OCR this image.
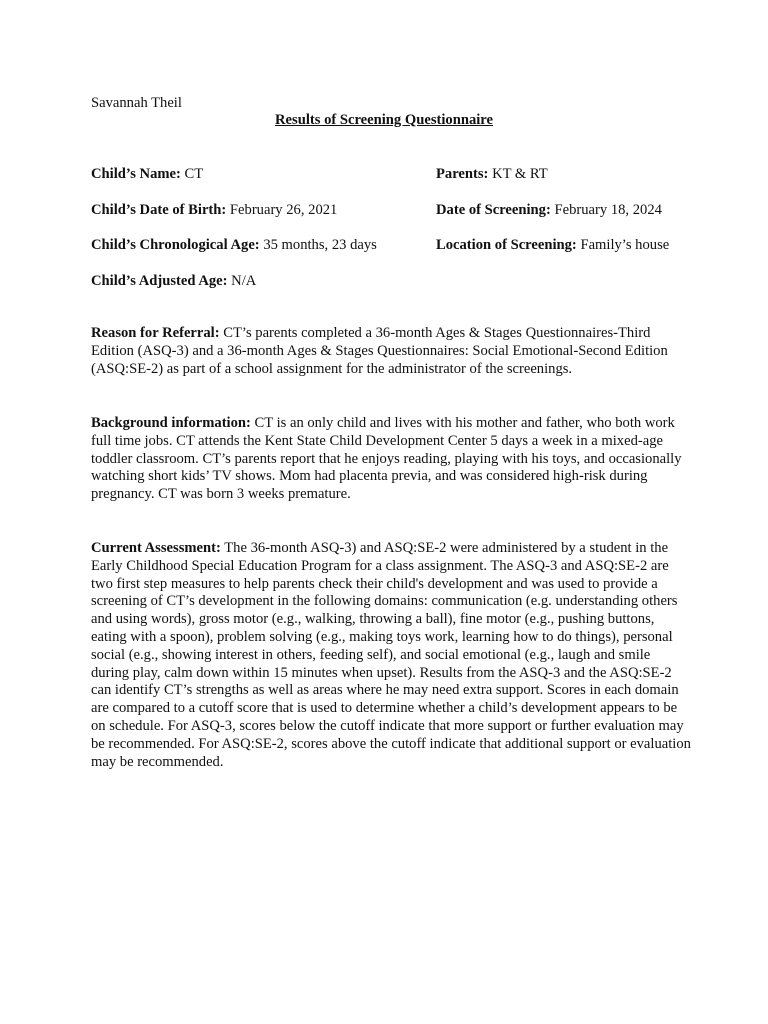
Savannah Theil
Results of Screening Questionnaire
Child’s Name: CT	Parents: KT & RT
Child’s Date of Birth: February 26, 2021	Date of Screening: February 18, 2024
Child’s Chronological Age: 35 months, 23 days	Location of Screening: Family’s house
Child’s Adjusted Age: N/A
Reason for Referral: CT’s parents completed a 36-month Ages & Stages Questionnaires-Third Edition (ASQ-3) and a 36-month Ages & Stages Questionnaires: Social Emotional-Second Edition (ASQ:SE-2) as part of a school assignment for the administrator of the screenings.
Background information: CT is an only child and lives with his mother and father, who both work full time jobs. CT attends the Kent State Child Development Center 5 days a week in a mixed-age toddler classroom. CT’s parents report that he enjoys reading, playing with his toys, and occasionally watching short kids’ TV shows. Mom had placenta previa, and was considered high-risk during pregnancy. CT was born 3 weeks premature.
Current Assessment: The 36-month ASQ-3) and ASQ:SE-2 were administered by a student in the Early Childhood Special Education Program for a class assignment. The ASQ-3 and ASQ:SE-2 are two first step measures to help parents check their child's development and was used to provide a screening of CT’s development in the following domains: communication (e.g. understanding others and using words), gross motor (e.g., walking, throwing a ball), fine motor (e.g., pushing buttons, eating with a spoon), problem solving (e.g., making toys work, learning how to do things), personal social (e.g., showing interest in others, feeding self), and social emotional (e.g., laugh and smile during play, calm down within 15 minutes when upset). Results from the ASQ-3 and the ASQ:SE-2 can identify CT’s strengths as well as areas where he may need extra support. Scores in each domain are compared to a cutoff score that is used to determine whether a child’s development appears to be on schedule. For ASQ-3, scores below the cutoff indicate that more support or further evaluation may be recommended. For ASQ:SE-2, scores above the cutoff indicate that additional support or evaluation may be recommended.
